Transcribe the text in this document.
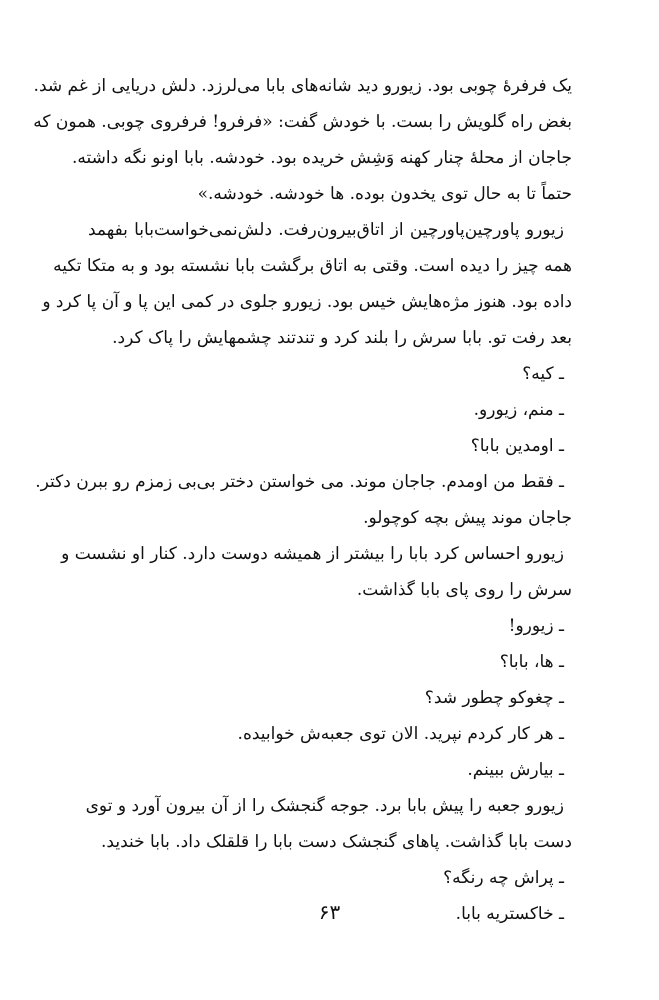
یک فرفرهٔ چوبی بود. زیورو دید شانه‌های بابا می‌لرزد. دلش دریایی از غم شد.
بغض راه گلویش را بست. با خودش گفت: «فرفرو! فرفروی چوبی. همون که
جاجان از محلهٔ چنار کهنه وَشِش خریده بود. خودشه. بابا اونو نگه داشته.
حتماً تا به حال توی یخدون بوده. ها خودشه. خودشه.»
زیورو پاورچین‌پاورچین از اتاق‌بیرون‌رفت. دلش‌نمی‌خواست‌بابا بفهمد
همه چیز را دیده است. وقتی به اتاق برگشت بابا نشسته بود و به متکا تکیه
داده بود. هنوز مژه‌هایش خیس بود. زیورو جلوی در کمی این پا و آن پا کرد و
بعد رفت تو. بابا سرش را بلند کرد و تندتند چشمهایش را پاک کرد.
ـ کیه؟
ـ منم، زیورو.
ـ اومدین بابا؟
ـ فقط من اومدم. جاجان موند. می خواستن دختر بی‌بی زمزم رو ببرن دکتر.
جاجان موند پیش بچه کوچولو.
زیورو احساس کرد بابا را بیشتر از همیشه دوست دارد. کنار او نشست و
سرش را روی پای بابا گذاشت.
ـ زیورو!
ـ ها، بابا؟
ـ چغوکو چطور شد؟
ـ هر کار کردم نپرید. الان توی جعبه‌ش خوابیده.
ـ بیارش ببینم.
زیورو جعبه را پیش بابا برد. جوجه گنجشک را از آن بیرون آورد و توی
دست بابا گذاشت. پاهای گنجشک دست بابا را قلقلک داد. بابا خندید.
ـ پراش چه رنگه؟
ـ خاکستریه بابا.
۶۳
